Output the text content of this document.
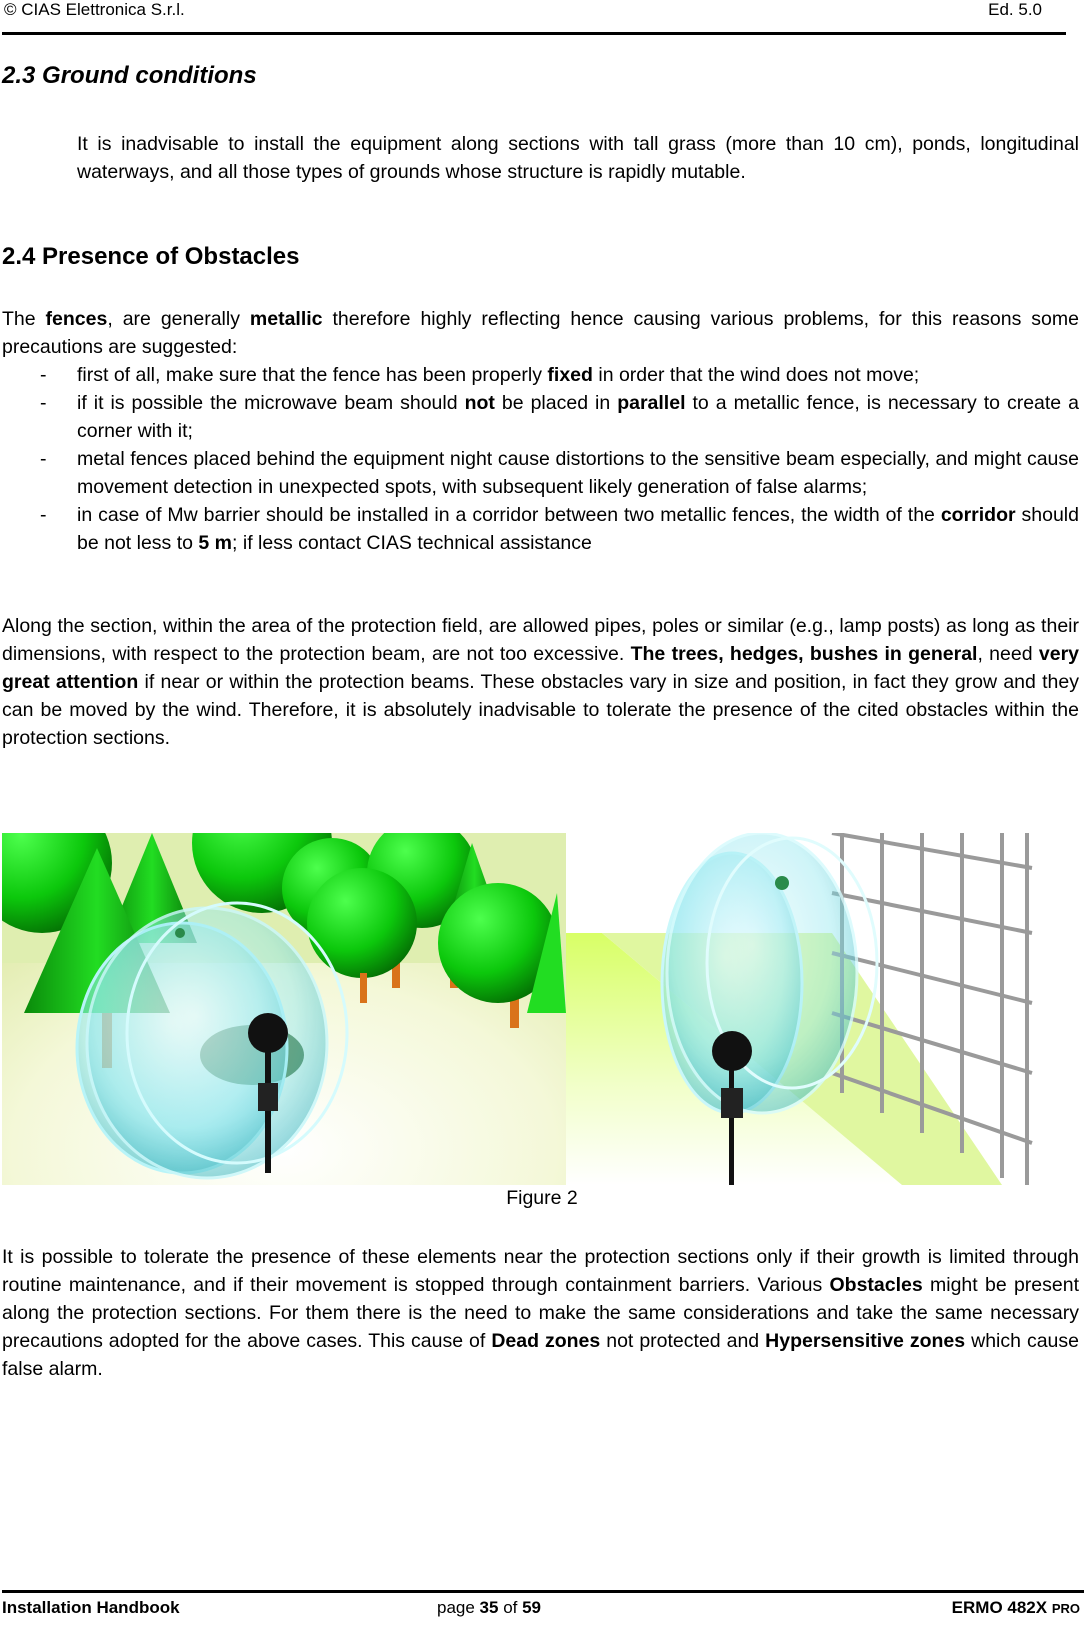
© CIAS Elettronica S.r.l.	Ed. 5.0
2.3 Ground conditions
It is inadvisable to install the equipment along sections with tall grass (more than 10 cm), ponds, longitudinal waterways, and all those types of grounds whose structure is rapidly mutable.
2.4 Presence of Obstacles
The fences, are generally metallic therefore highly reflecting hence causing various problems, for this reasons some precautions are suggested:
- first of all, make sure that the fence has been properly fixed in order that the wind does not move;
- if it is possible the microwave beam should not be placed in parallel to a metallic fence, is necessary to create a corner with it;
- metal fences placed behind the equipment night cause distortions to the sensitive beam especially, and might cause movement detection in unexpected spots, with subsequent likely generation of false alarms;
- in case of Mw barrier should be installed in a corridor between two metallic fences, the width of the corridor should be not less to 5 m; if less contact CIAS technical assistance
Along the section, within the area of the protection field, are allowed pipes, poles or similar (e.g., lamp posts) as long as their dimensions, with respect to the protection beam, are not too excessive. The trees, hedges, bushes in general, need very great attention if near or within the protection beams. These obstacles vary in size and position, in fact they grow and they can be moved by the wind. Therefore, it is absolutely inadvisable to tolerate the presence of the cited obstacles within the protection sections.
Figure 2
It is possible to tolerate the presence of these elements near the protection sections only if their growth is limited through routine maintenance, and if their movement is stopped through containment barriers. Various Obstacles might be present along the protection sections. For them there is the need to make the same considerations and take the same necessary precautions adopted for the above cases. This cause of Dead zones not protected and Hypersensitive zones which cause false alarm.
Installation Handbook	page 35 of 59	ERMO 482X PRO
